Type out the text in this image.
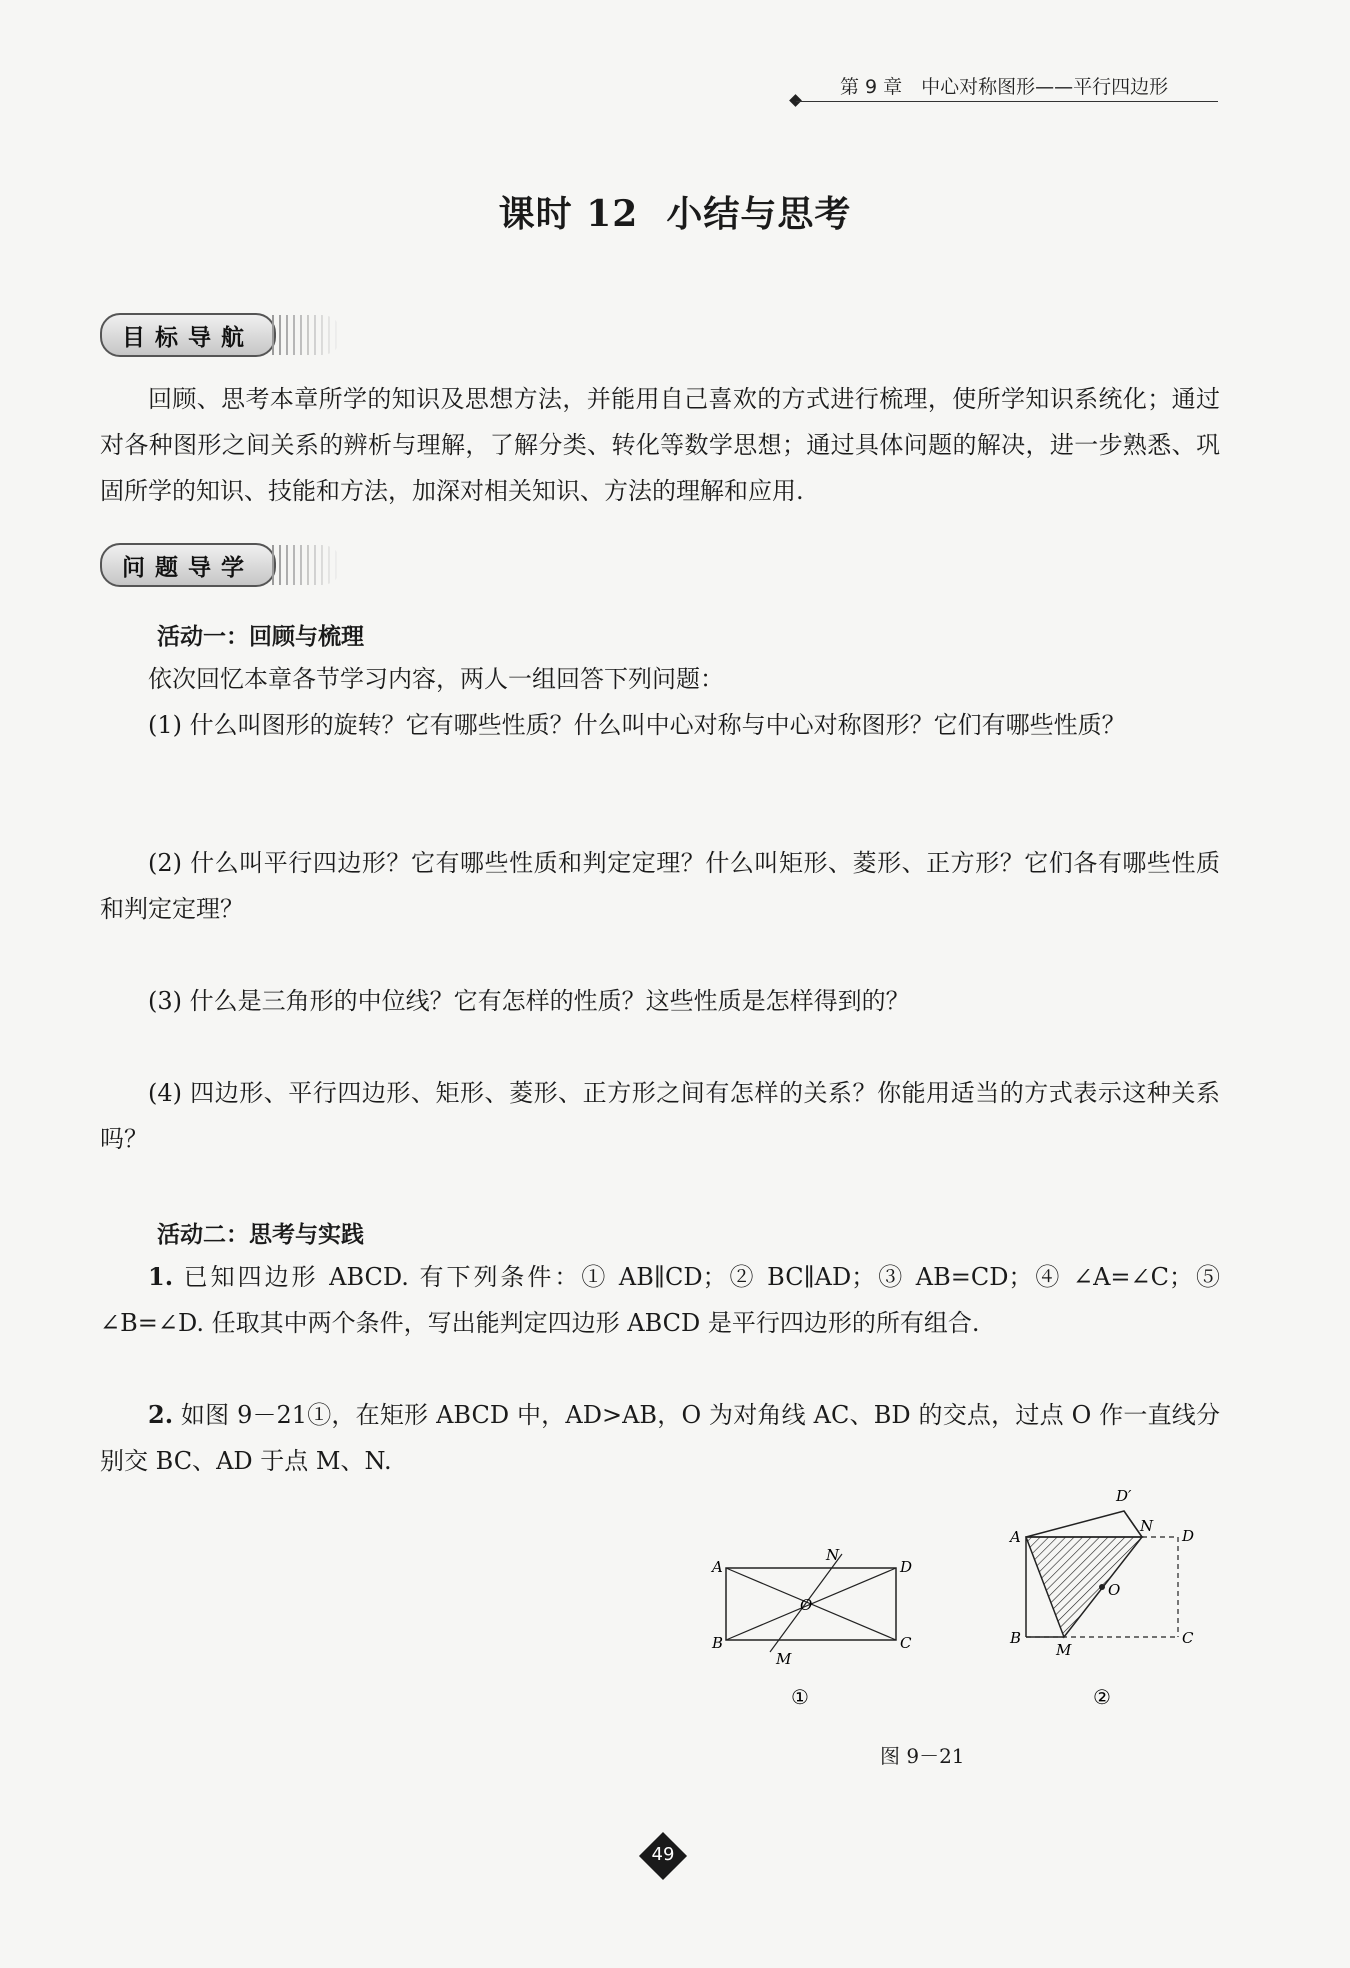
第 9 章　中心对称图形——平行四边形
课时 12 小结与思考
目标导航
回顾、思考本章所学的知识及思想方法，并能用自己喜欢的方式进行梳理，使所学知识系统化；通过对各种图形之间关系的辨析与理解，了解分类、转化等数学思想；通过具体问题的解决，进一步熟悉、巩固所学的知识、技能和方法，加深对相关知识、方法的理解和应用.
问题导学
活动一：回顾与梳理
依次回忆本章各节学习内容，两人一组回答下列问题：
(1) 什么叫图形的旋转？它有哪些性质？什么叫中心对称与中心对称图形？它们有哪些性质？
(2) 什么叫平行四边形？它有哪些性质和判定定理？什么叫矩形、菱形、正方形？它们各有哪些性质和判定定理？
(3) 什么是三角形的中位线？它有怎样的性质？这些性质是怎样得到的？
(4) 四边形、平行四边形、矩形、菱形、正方形之间有怎样的关系？你能用适当的方式表示这种关系吗？
活动二：思考与实践
1. 已知四边形 ABCD. 有下列条件：① AB∥CD；② BC∥AD；③ AB=CD；④ ∠A=∠C；⑤ ∠B=∠D. 任取其中两个条件，写出能判定四边形 ABCD 是平行四边形的所有组合.
2. 如图 9－21①，在矩形 ABCD 中，AD>AB，O 为对角线 AC、BD 的交点，过点 O 作一直线分别交 BC、AD 于点 M、N.
A
B	C
D
O
M
N
①
A
B	C
D
D′
O
M
N
②
图 9－21
49
